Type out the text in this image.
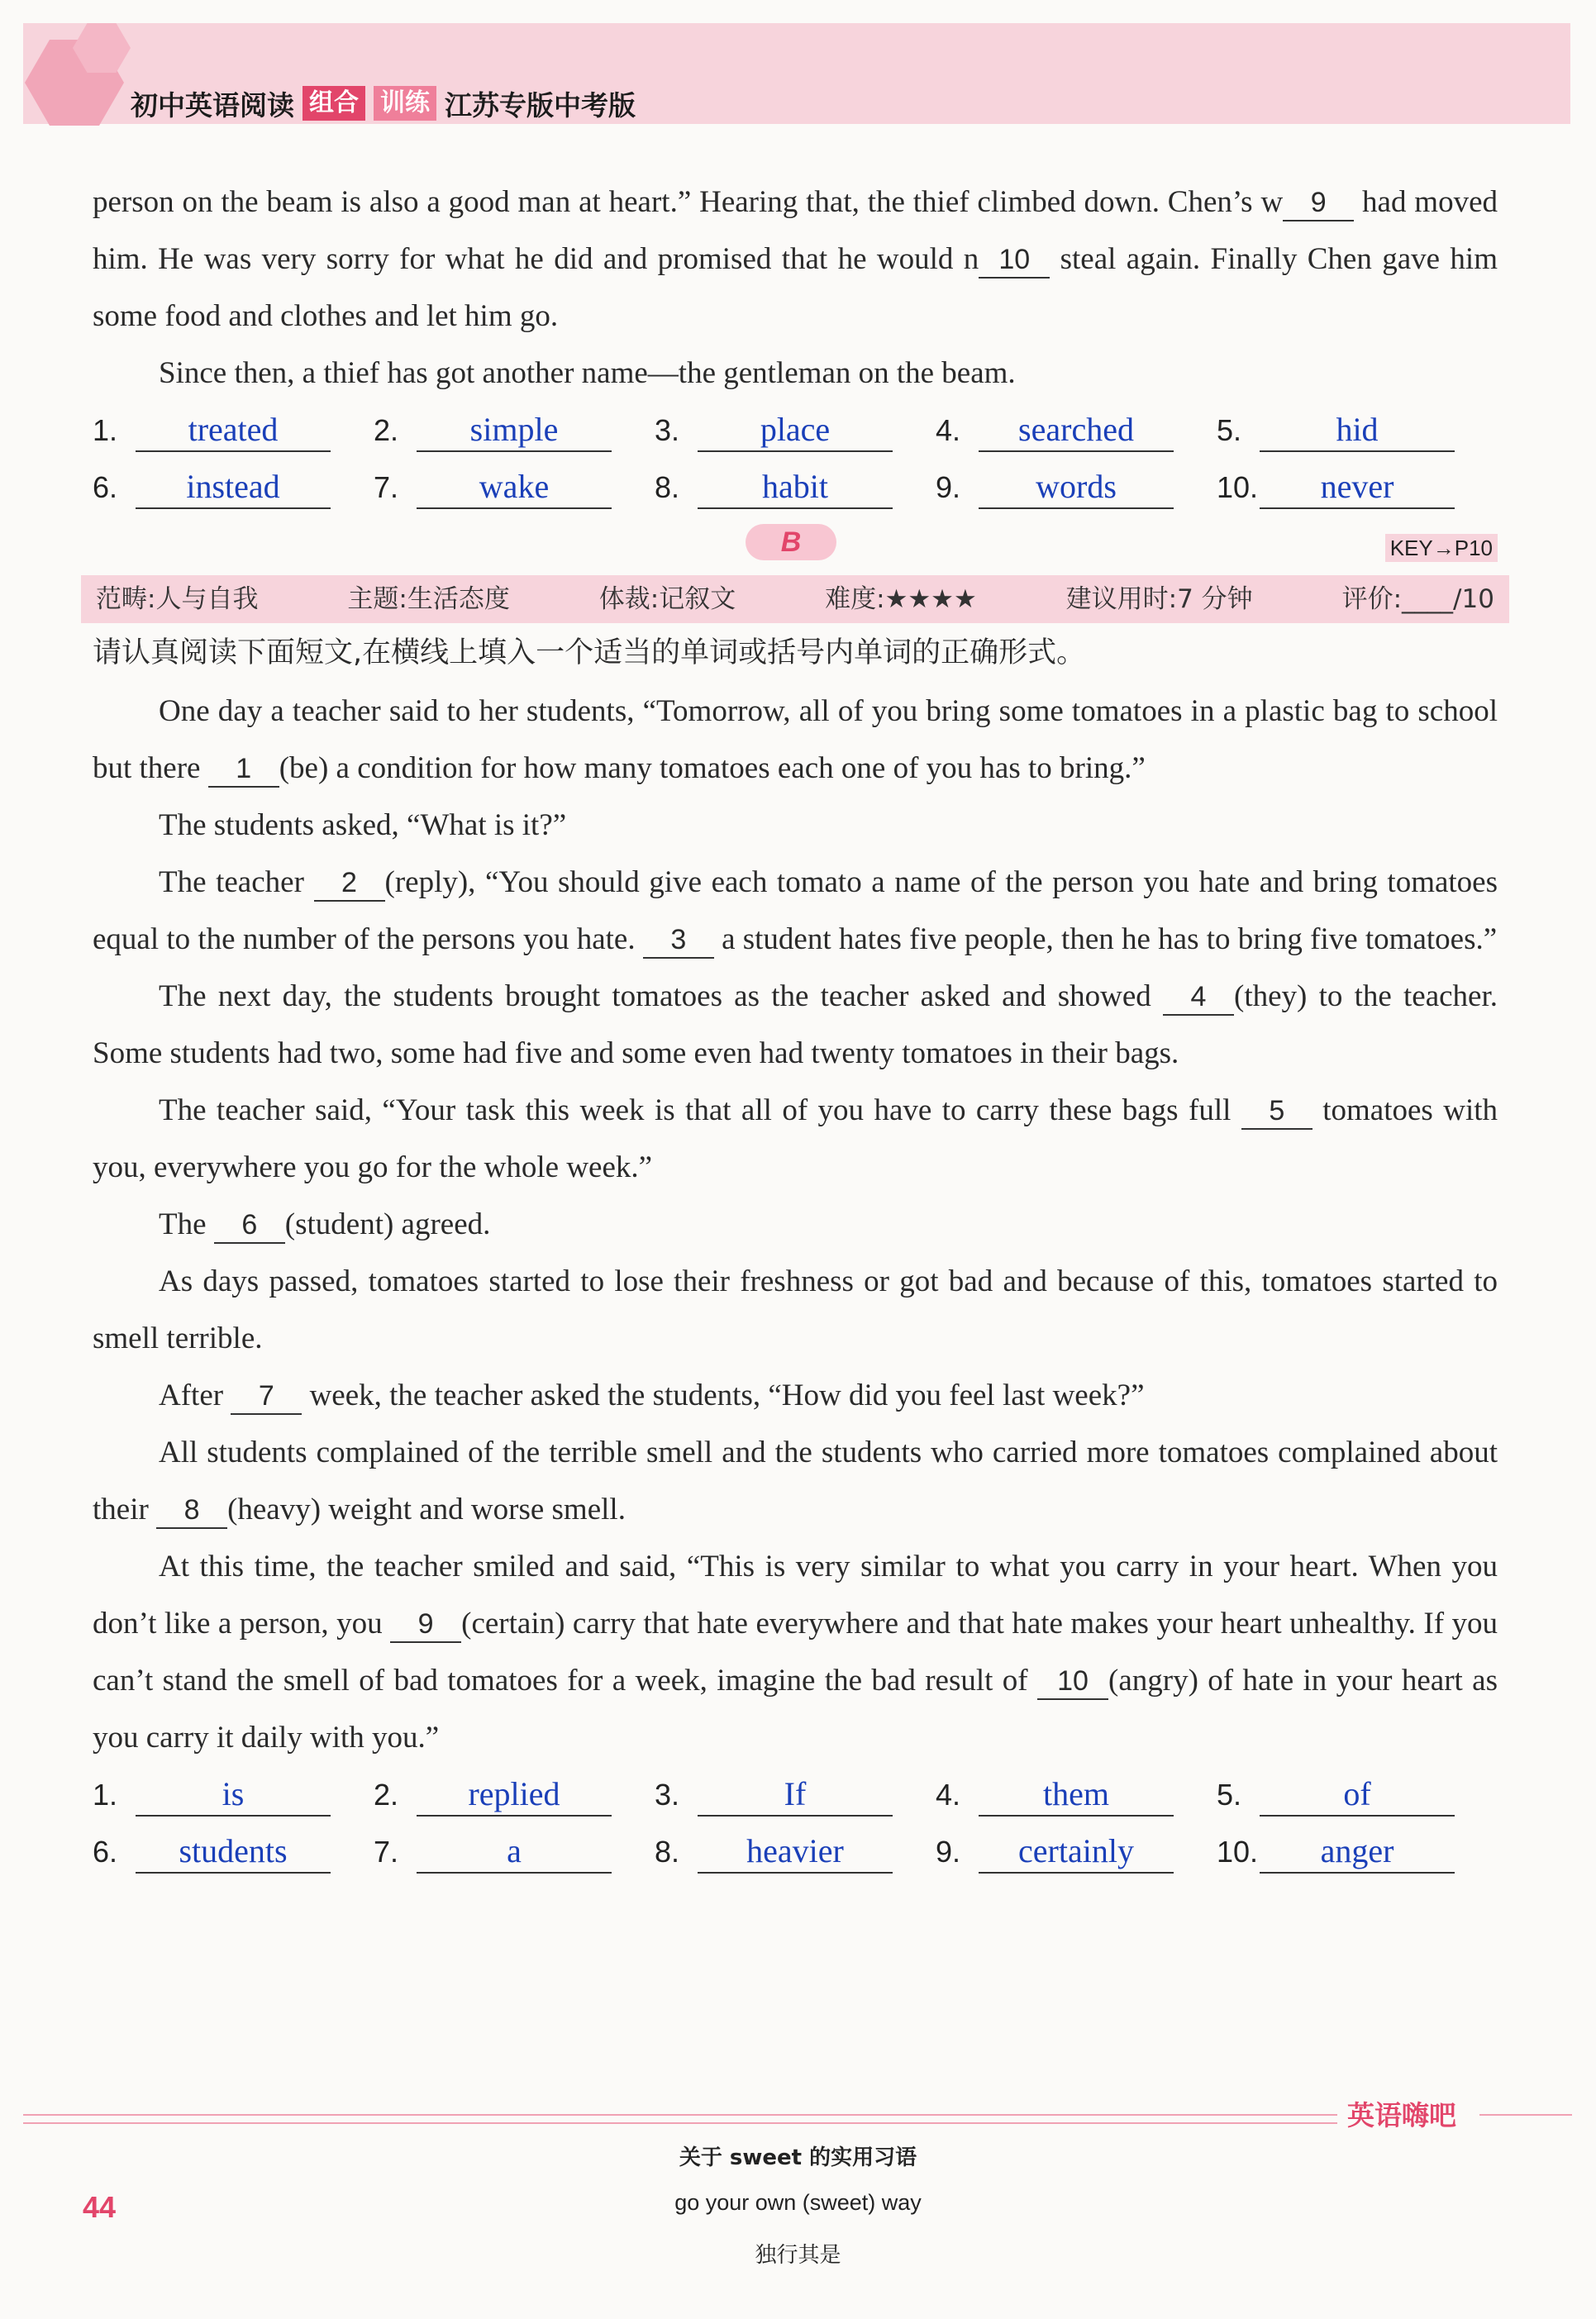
初中英语阅读 组合 训练 江苏专版中考版

person on the beam is also a good man at heart.” Hearing that, the thief climbed down. Chen’s w 9 had moved him. He was very sorry for what he did and promised that he would n 10 steal again. Finally Chen gave him some food and clothes and let him go.

Since then, a thief has got another name—the gentleman on the beam.

1.	treated	2.	simple	3.	place	4.	searched	5.	hid
6.	instead	7.	wake	8.	habit	9.	words	10.	never
B	KEY→P10
范畴:人与自我	主题:生活态度	体裁:记叙文	难度:★★★★	建议用时:7 分钟	评价:____/10

请认真阅读下面短文,在横线上填入一个适当的单词或括号内单词的正确形式。

One day a teacher said to her students, “Tomorrow, all of you bring some tomatoes in a plastic bag to school but there 1 (be) a condition for how many tomatoes each one of you has to bring.”

The students asked, “What is it?”

The teacher 2 (reply), “You should give each tomato a name of the person you hate and bring tomatoes equal to the number of the persons you hate. 3 a student hates five people, then he has to bring five tomatoes.”

The next day, the students brought tomatoes as the teacher asked and showed 4 (they) to the teacher. Some students had two, some had five and some even had twenty tomatoes in their bags.

The teacher said, “Your task this week is that all of you have to carry these bags full 5 tomatoes with you, everywhere you go for the whole week.”

The 6 (student) agreed.

As days passed, tomatoes started to lose their freshness or got bad and because of this, tomatoes started to smell terrible.

After 7 week, the teacher asked the students, “How did you feel last week?”

All students complained of the terrible smell and the students who carried more tomatoes complained about their 8 (heavy) weight and worse smell.

At this time, the teacher smiled and said, “This is very similar to what you carry in your heart. When you don’t like a person, you 9 (certain) carry that hate everywhere and that hate makes your heart unhealthy. If you can’t stand the smell of bad tomatoes for a week, imagine the bad result of 10 (angry) of hate in your heart as you carry it daily with you.”

1.	is	2.	replied	3.	If	4.	them	5.	of
6.	students	7.	a	8.	heavier	9.	certainly	10.	anger
英语嗨吧
44
关于 sweet 的实用习语
go your own (sweet) way
独行其是
